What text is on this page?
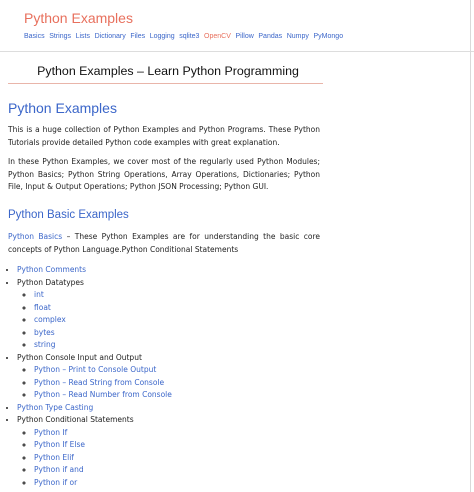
Python Examples
Basics Strings Lists Dictionary Files Logging sqlite3 OpenCV Pillow Pandas Numpy PyMongo
Python Examples – Learn Python Programming
Python Examples

This is a huge collection of Python Examples and Python Programs. These Python Tutorials provide detailed Python code examples with great explanation.

In these Python Examples, we cover most of the regularly used Python Modules; Python Basics; Python String Operations, Array Operations, Dictionaries; Python File, Input & Output Operations; Python JSON Processing; Python GUI.

Python Basic Examples

Python Basics – These Python Examples are for understanding the basic core concepts of Python Language.Python Conditional Statements

• Python Comments
• Python Datatypes
◦ int
◦ float
◦ complex
◦ bytes
◦ string
• Python Console Input and Output
◦ Python – Print to Console Output
◦ Python – Read String from Console
◦ Python – Read Number from Console
• Python Type Casting
• Python Conditional Statements
◦ Python If
◦ Python If Else
◦ Python Elif
◦ Python if and
◦ Python if or
